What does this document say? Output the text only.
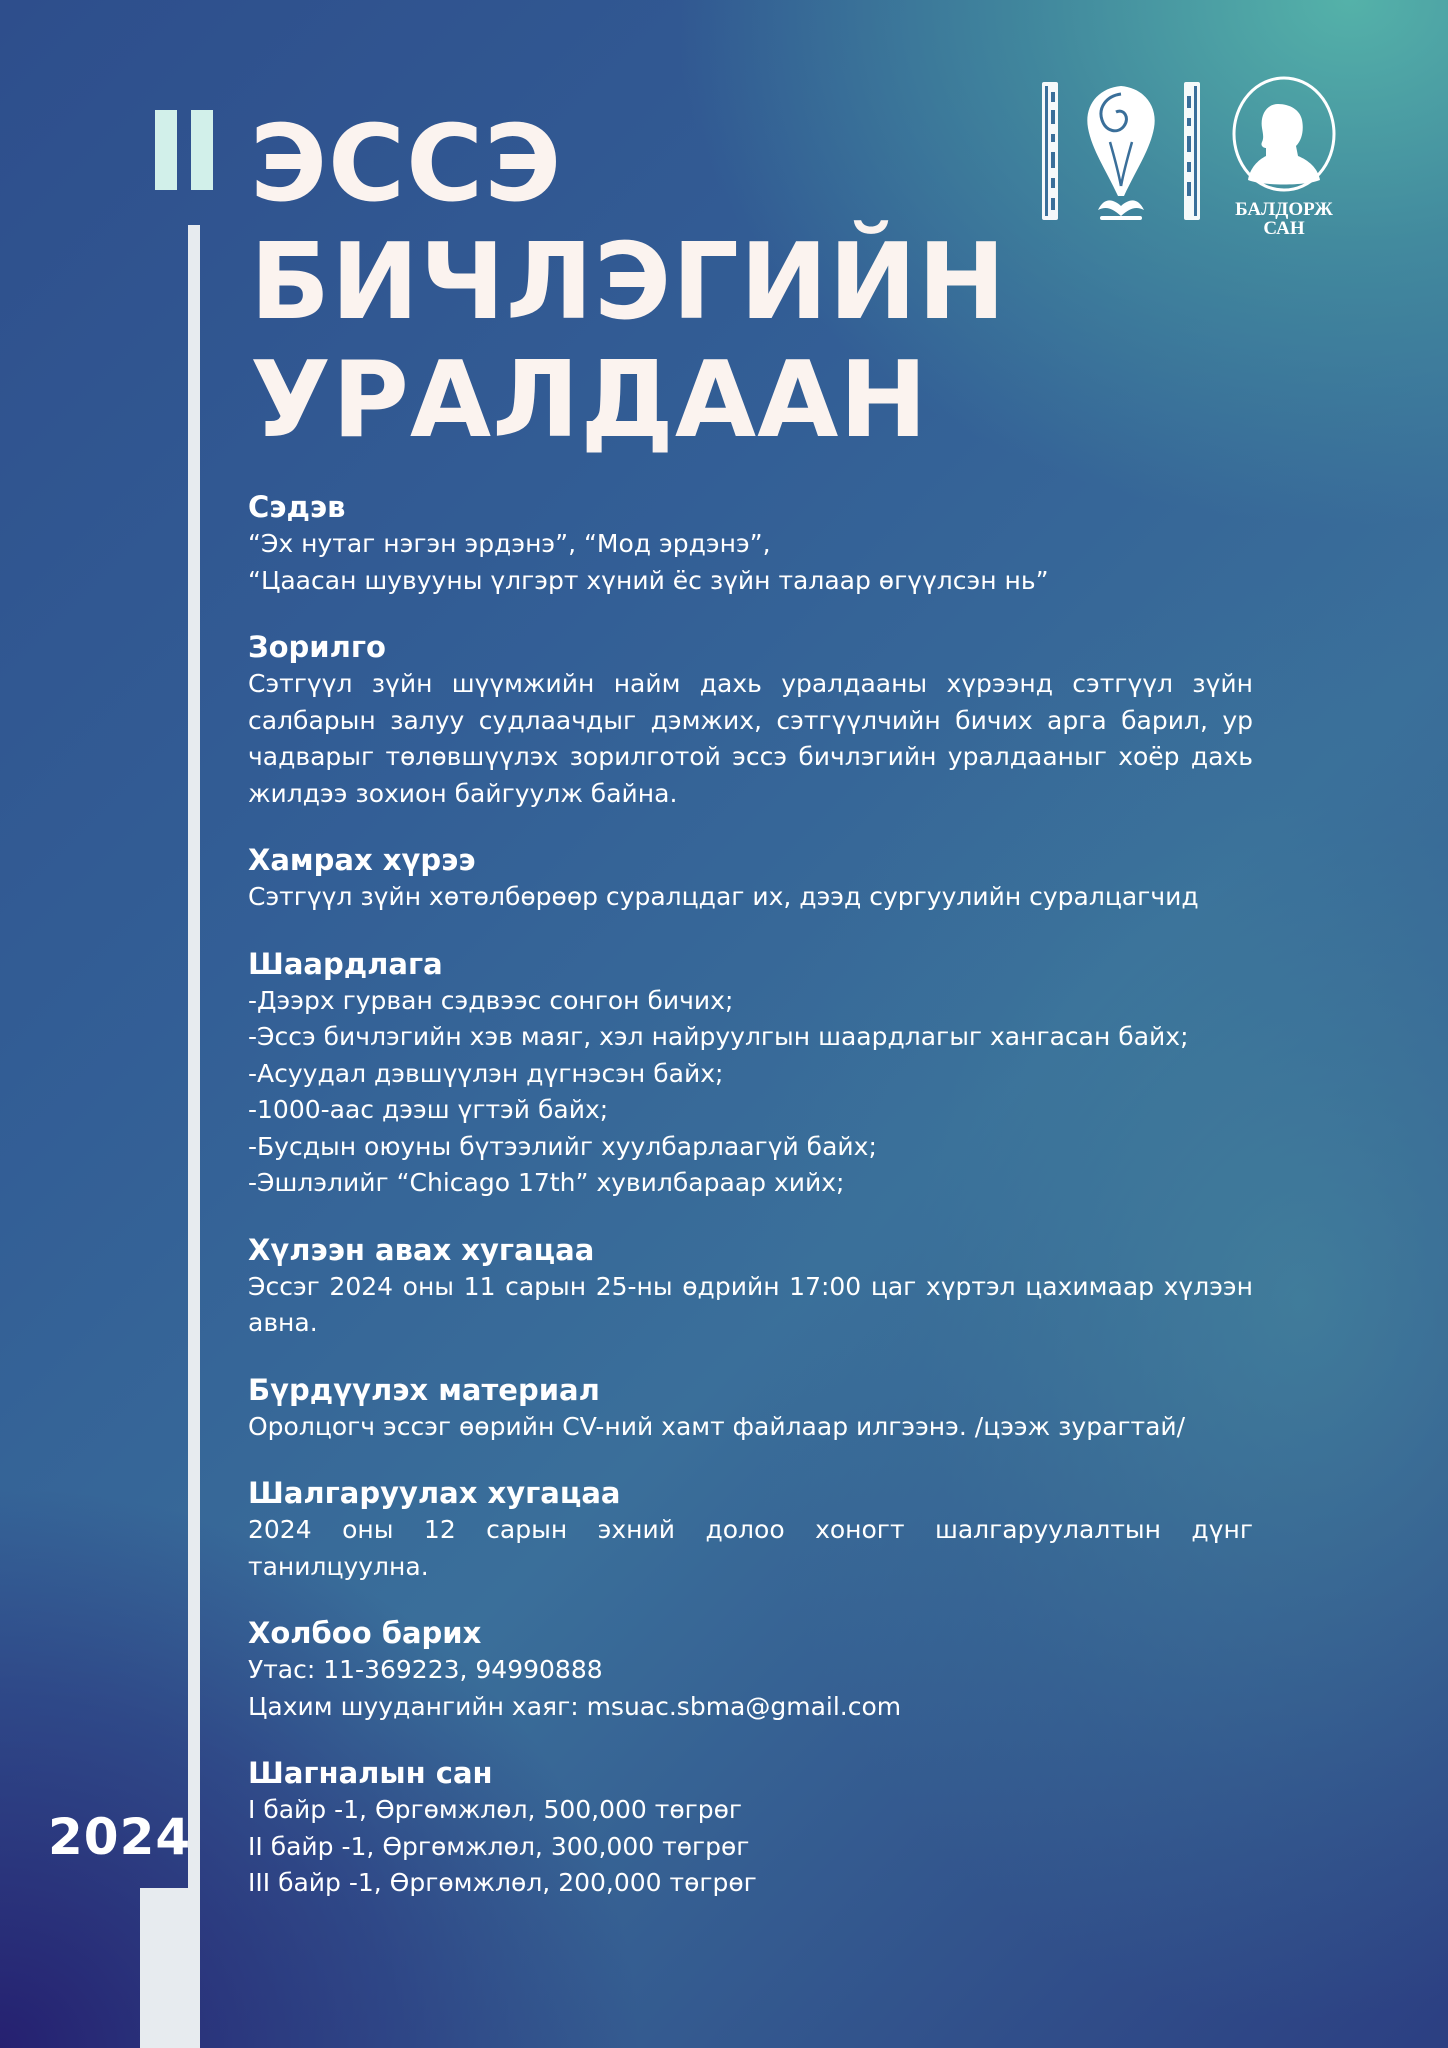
2024
ЭССЭ
БИЧЛЭГИЙН
УРАЛДААН
БАЛДОРЖ
САН
Сэдэв

“Эх нутаг нэгэн эрдэнэ”, “Мод эрдэнэ”,

“Цаасан шувууны үлгэрт хүний ёс зүйн талаар өгүүлсэн нь”

Зорилго

Сэтгүүл зүйн шүүмжийн найм дахь уралдааны хүрээнд сэтгүүл зүйн салбарын залуу судлаачдыг дэмжих, сэтгүүлчийн бичих арга барил, ур чадварыг төлөвшүүлэх зорилготой эссэ бичлэгийн уралдааныг хоёр дахь жилдээ зохион байгуулж байна.

Хамрах хүрээ

Сэтгүүл зүйн хөтөлбөрөөр суралцдаг их, дээд сургуулийн суралцагчид

Шаардлага

-Дээрх гурван сэдвээс сонгон бичих;

-Эссэ бичлэгийн хэв маяг, хэл найруулгын шаардлагыг хангасан байх;

-Асуудал дэвшүүлэн дүгнэсэн байх;

-1000-аас дээш үгтэй байх;

-Бусдын оюуны бүтээлийг хуулбарлаагүй байх;

-Эшлэлийг “Chicago 17th” хувилбараар хийх;

Хүлээн авах хугацаа

Эссэг 2024 оны 11 сарын 25-ны өдрийн 17:00 цаг хүртэл цахимаар хүлээн авна.

Бүрдүүлэх материал

Оролцогч эссэг өөрийн CV-ний хамт файлаар илгээнэ. /цээж зурагтай/

Шалгаруулах хугацаа

2024 оны 12 сарын эхний долоо хоногт шалгаруулалтын дүнг танилцуулна.

Холбоо барих

Утас: 11-369223, 94990888

Цахим шуудангийн хаяг: msuac.sbma@gmail.com

Шагналын сан

I байр -1, Өргөмжлөл, 500,000 төгрөг

II байр -1, Өргөмжлөл, 300,000 төгрөг

III байр -1, Өргөмжлөл, 200,000 төгрөг
